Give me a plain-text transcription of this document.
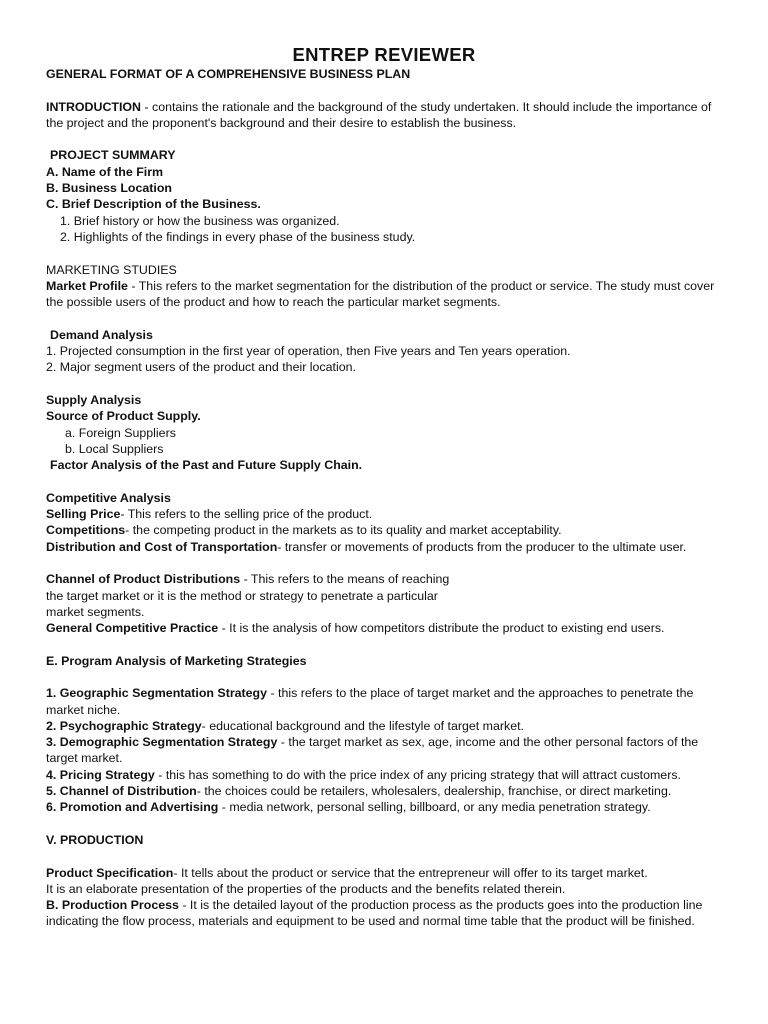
ENTREP REVIEWER
GENERAL FORMAT OF A COMPREHENSIVE BUSINESS PLAN
INTRODUCTION - contains the rationale and the background of the study undertaken. It should include the importance of the project and the proponent's background and their desire to establish the business.
PROJECT SUMMARY
A. Name of the Firm
B. Business Location
C. Brief Description of the Business.
1. Brief history or how the business was organized.
2. Highlights of the findings in every phase of the business study.
MARKETING STUDIES
Market Profile - This refers to the market segmentation for the distribution of the product or service. The study must cover the possible users of the product and how to reach the particular market segments.
Demand Analysis
1. Projected consumption in the first year of operation, then Five years and Ten years operation.
2. Major segment users of the product and their location.
Supply Analysis
Source of Product Supply.
a. Foreign Suppliers
b. Local Suppliers
Factor Analysis of the Past and Future Supply Chain.
Competitive Analysis
Selling Price- This refers to the selling price of the product.
Competitions- the competing product in the markets as to its quality and market acceptability.
Distribution and Cost of Transportation- transfer or movements of products from the producer to the ultimate user.
Channel of Product Distributions - This refers to the means of reaching
the target market or it is the method or strategy to penetrate a particular
market segments.
General Competitive Practice - It is the analysis of how competitors distribute the product to existing end users.
E. Program Analysis of Marketing Strategies
1. Geographic Segmentation Strategy - this refers to the place of target market and the approaches to penetrate the market niche.
2. Psychographic Strategy- educational background and the lifestyle of target market.
3. Demographic Segmentation Strategy - the target market as sex, age, income and the other personal factors of the target market.
4. Pricing Strategy - this has something to do with the price index of any pricing strategy that will attract customers.
5. Channel of Distribution- the choices could be retailers, wholesalers, dealership, franchise, or direct marketing.
6. Promotion and Advertising - media network, personal selling, billboard, or any media penetration strategy.
V. PRODUCTION
Product Specification- It tells about the product or service that the entrepreneur will offer to its target market.
It is an elaborate presentation of the properties of the products and the benefits related therein.
B. Production Process - It is the detailed layout of the production process as the products goes into the production line indicating the flow process, materials and equipment to be used and normal time table that the product will be finished.
